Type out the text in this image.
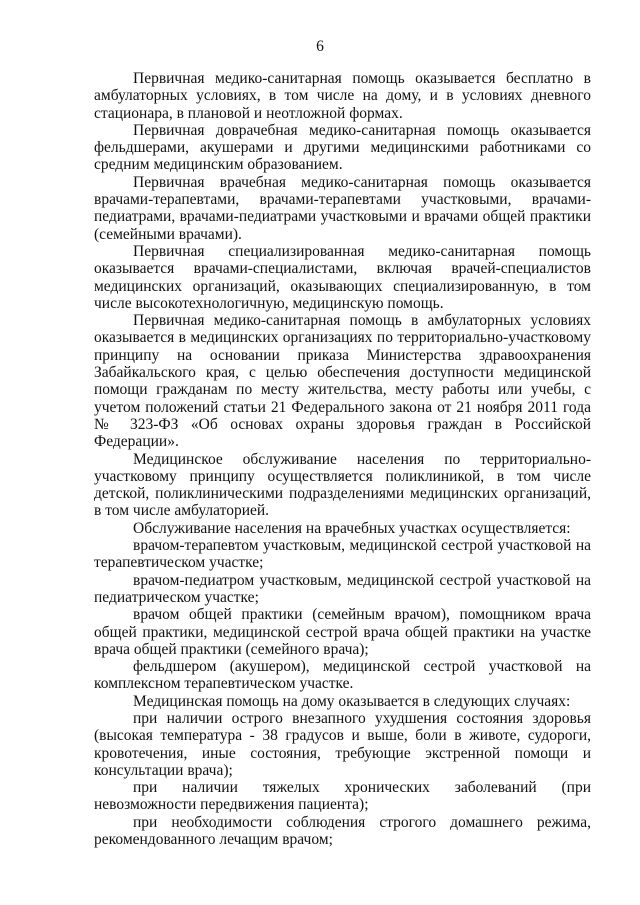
6

Первичная медико-санитарная помощь оказывается бесплатно в амбулаторных условиях, в том числе на дому, и в условиях дневного стационара, в плановой и неотложной формах.

Первичная доврачебная медико-санитарная помощь оказывается фельдшерами, акушерами и другими медицинскими работниками со средним медицинским образованием.

Первичная врачебная медико-санитарная помощь оказывается врачами-терапевтами, врачами-терапевтами участковыми, врачами-педиатрами, врачами-педиатрами участковыми и врачами общей практики (семейными врачами).

Первичная специализированная медико-санитарная помощь оказывается врачами-специалистами, включая врачей-специалистов медицинских организаций, оказывающих специализированную, в том числе высокотехнологичную, медицинскую помощь.

Первичная медико-санитарная помощь в амбулаторных условиях оказывается в медицинских организациях по территориально-участковому принципу на основании приказа Министерства здравоохранения Забайкальского края, с целью обеспечения доступности медицинской помощи гражданам по месту жительства, месту работы или учебы, с учетом положений статьи 21 Федерального закона от 21 ноября 2011 года № 323-ФЗ «Об основах охраны здоровья граждан в Российской Федерации».

Медицинское обслуживание населения по территориально-участковому принципу осуществляется поликлиникой, в том числе детской, поликлиническими подразделениями медицинских организаций, в том числе амбулаторией.

Обслуживание населения на врачебных участках осуществляется:

врачом-терапевтом участковым, медицинской сестрой участковой на терапевтическом участке;

врачом-педиатром участковым, медицинской сестрой участковой на педиатрическом участке;

врачом общей практики (семейным врачом), помощником врача общей практики, медицинской сестрой врача общей практики на участке врача общей практики (семейного врача);

фельдшером (акушером), медицинской сестрой участковой на комплексном терапевтическом участке.

Медицинская помощь на дому оказывается в следующих случаях:

при наличии острого внезапного ухудшения состояния здоровья (высокая температура - 38 градусов и выше, боли в животе, судороги, кровотечения, иные состояния, требующие экстренной помощи и консультации врача);

при наличии тяжелых хронических заболеваний (при невозможности передвижения пациента);

при необходимости соблюдения строгого домашнего режима, рекомендованного лечащим врачом;
